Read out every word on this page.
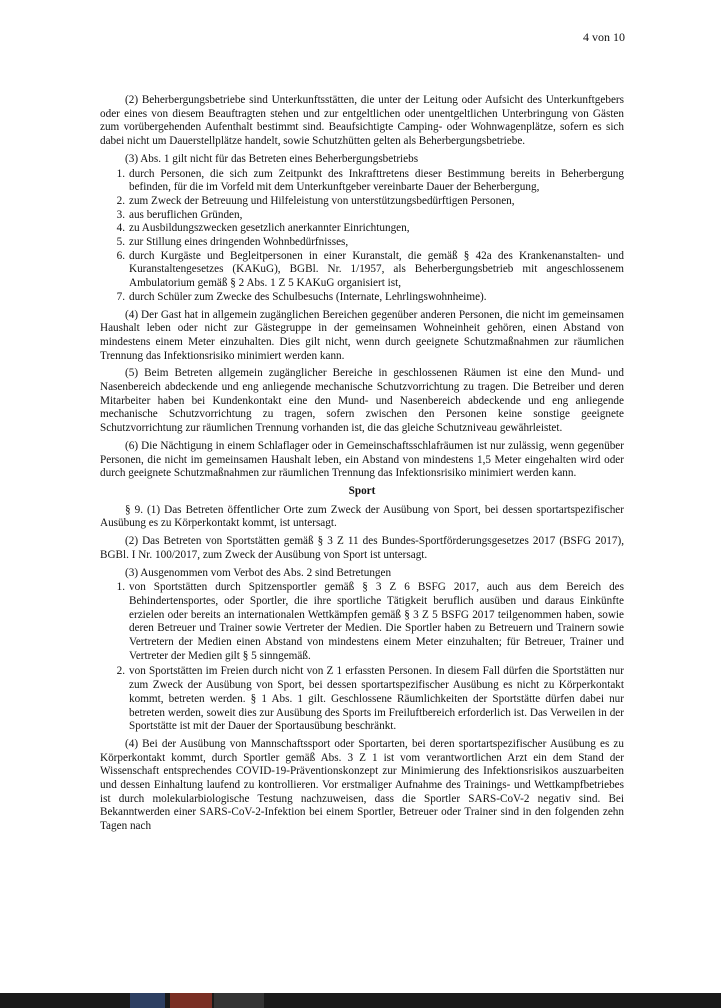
4 von 10

(2) Beherbergungsbetriebe sind Unterkunftsstätten, die unter der Leitung oder Aufsicht des Unterkunftgebers oder eines von diesem Beauftragten stehen und zur entgeltlichen oder unentgeltlichen Unterbringung von Gästen zum vorübergehenden Aufenthalt bestimmt sind. Beaufsichtigte Camping- oder Wohnwagenplätze, sofern es sich dabei nicht um Dauerstellplätze handelt, sowie Schutzhütten gelten als Beherbergungsbetriebe.

(3) Abs. 1 gilt nicht für das Betreten eines Beherbergungsbetriebs

1. durch Personen, die sich zum Zeitpunkt des Inkrafttretens dieser Bestimmung bereits in Beherbergung befinden, für die im Vorfeld mit dem Unterkunftgeber vereinbarte Dauer der Beherbergung,
2. zum Zweck der Betreuung und Hilfeleistung von unterstützungsbedürftigen Personen,
3. aus beruflichen Gründen,
4. zu Ausbildungszwecken gesetzlich anerkannter Einrichtungen,
5. zur Stillung eines dringenden Wohnbedürfnisses,
6. durch Kurgäste und Begleitpersonen in einer Kuranstalt, die gemäß § 42a des Krankenanstalten- und Kuranstaltengesetzes (KAKuG), BGBl. Nr. 1/1957, als Beherbergungsbetrieb mit angeschlossenem Ambulatorium gemäß § 2 Abs. 1 Z 5 KAKuG organisiert ist,
7. durch Schüler zum Zwecke des Schulbesuchs (Internate, Lehrlingswohnheime).

(4) Der Gast hat in allgemein zugänglichen Bereichen gegenüber anderen Personen, die nicht im gemeinsamen Haushalt leben oder nicht zur Gästegruppe in der gemeinsamen Wohneinheit gehören, einen Abstand von mindestens einem Meter einzuhalten. Dies gilt nicht, wenn durch geeignete Schutzmaßnahmen zur räumlichen Trennung das Infektionsrisiko minimiert werden kann.

(5) Beim Betreten allgemein zugänglicher Bereiche in geschlossenen Räumen ist eine den Mund- und Nasenbereich abdeckende und eng anliegende mechanische Schutzvorrichtung zu tragen. Die Betreiber und deren Mitarbeiter haben bei Kundenkontakt eine den Mund- und Nasenbereich abdeckende und eng anliegende mechanische Schutzvorrichtung zu tragen, sofern zwischen den Personen keine sonstige geeignete Schutzvorrichtung zur räumlichen Trennung vorhanden ist, die das gleiche Schutzniveau gewährleistet.

(6) Die Nächtigung in einem Schlaflager oder in Gemeinschaftsschlafräumen ist nur zulässig, wenn gegenüber Personen, die nicht im gemeinsamen Haushalt leben, ein Abstand von mindestens 1,5 Meter eingehalten wird oder durch geeignete Schutzmaßnahmen zur räumlichen Trennung das Infektionsrisiko minimiert werden kann.

Sport

§ 9. (1) Das Betreten öffentlicher Orte zum Zweck der Ausübung von Sport, bei dessen sportartspezifischer Ausübung es zu Körperkontakt kommt, ist untersagt.

(2) Das Betreten von Sportstätten gemäß § 3 Z 11 des Bundes-Sportförderungsgesetzes 2017 (BSFG 2017), BGBl. I Nr. 100/2017, zum Zweck der Ausübung von Sport ist untersagt.

(3) Ausgenommen vom Verbot des Abs. 2 sind Betretungen

1. von Sportstätten durch Spitzensportler gemäß § 3 Z 6 BSFG 2017, auch aus dem Bereich des Behindertensportes, oder Sportler, die ihre sportliche Tätigkeit beruflich ausüben und daraus Einkünfte erzielen oder bereits an internationalen Wettkämpfen gemäß § 3 Z 5 BSFG 2017 teilgenommen haben, sowie deren Betreuer und Trainer sowie Vertreter der Medien. Die Sportler haben zu Betreuern und Trainern sowie Vertretern der Medien einen Abstand von mindestens einem Meter einzuhalten; für Betreuer, Trainer und Vertreter der Medien gilt § 5 sinngemäß.
2. von Sportstätten im Freien durch nicht von Z 1 erfassten Personen. In diesem Fall dürfen die Sportstätten nur zum Zweck der Ausübung von Sport, bei dessen sportartspezifischer Ausübung es nicht zu Körperkontakt kommt, betreten werden. § 1 Abs. 1 gilt. Geschlossene Räumlichkeiten der Sportstätte dürfen dabei nur betreten werden, soweit dies zur Ausübung des Sports im Freiluftbereich erforderlich ist. Das Verweilen in der Sportstätte ist mit der Dauer der Sportausübung beschränkt.

(4) Bei der Ausübung von Mannschaftssport oder Sportarten, bei deren sportartspezifischer Ausübung es zu Körperkontakt kommt, durch Sportler gemäß Abs. 3 Z 1 ist vom verantwortlichen Arzt ein dem Stand der Wissenschaft entsprechendes COVID-19-Präventionskonzept zur Minimierung des Infektionsrisikos auszuarbeiten und dessen Einhaltung laufend zu kontrollieren. Vor erstmaliger Aufnahme des Trainings- und Wettkampfbetriebes ist durch molekularbiologische Testung nachzuweisen, dass die Sportler SARS-CoV-2 negativ sind. Bei Bekanntwerden einer SARS-CoV-2-Infektion bei einem Sportler, Betreuer oder Trainer sind in den folgenden zehn Tagen nach
